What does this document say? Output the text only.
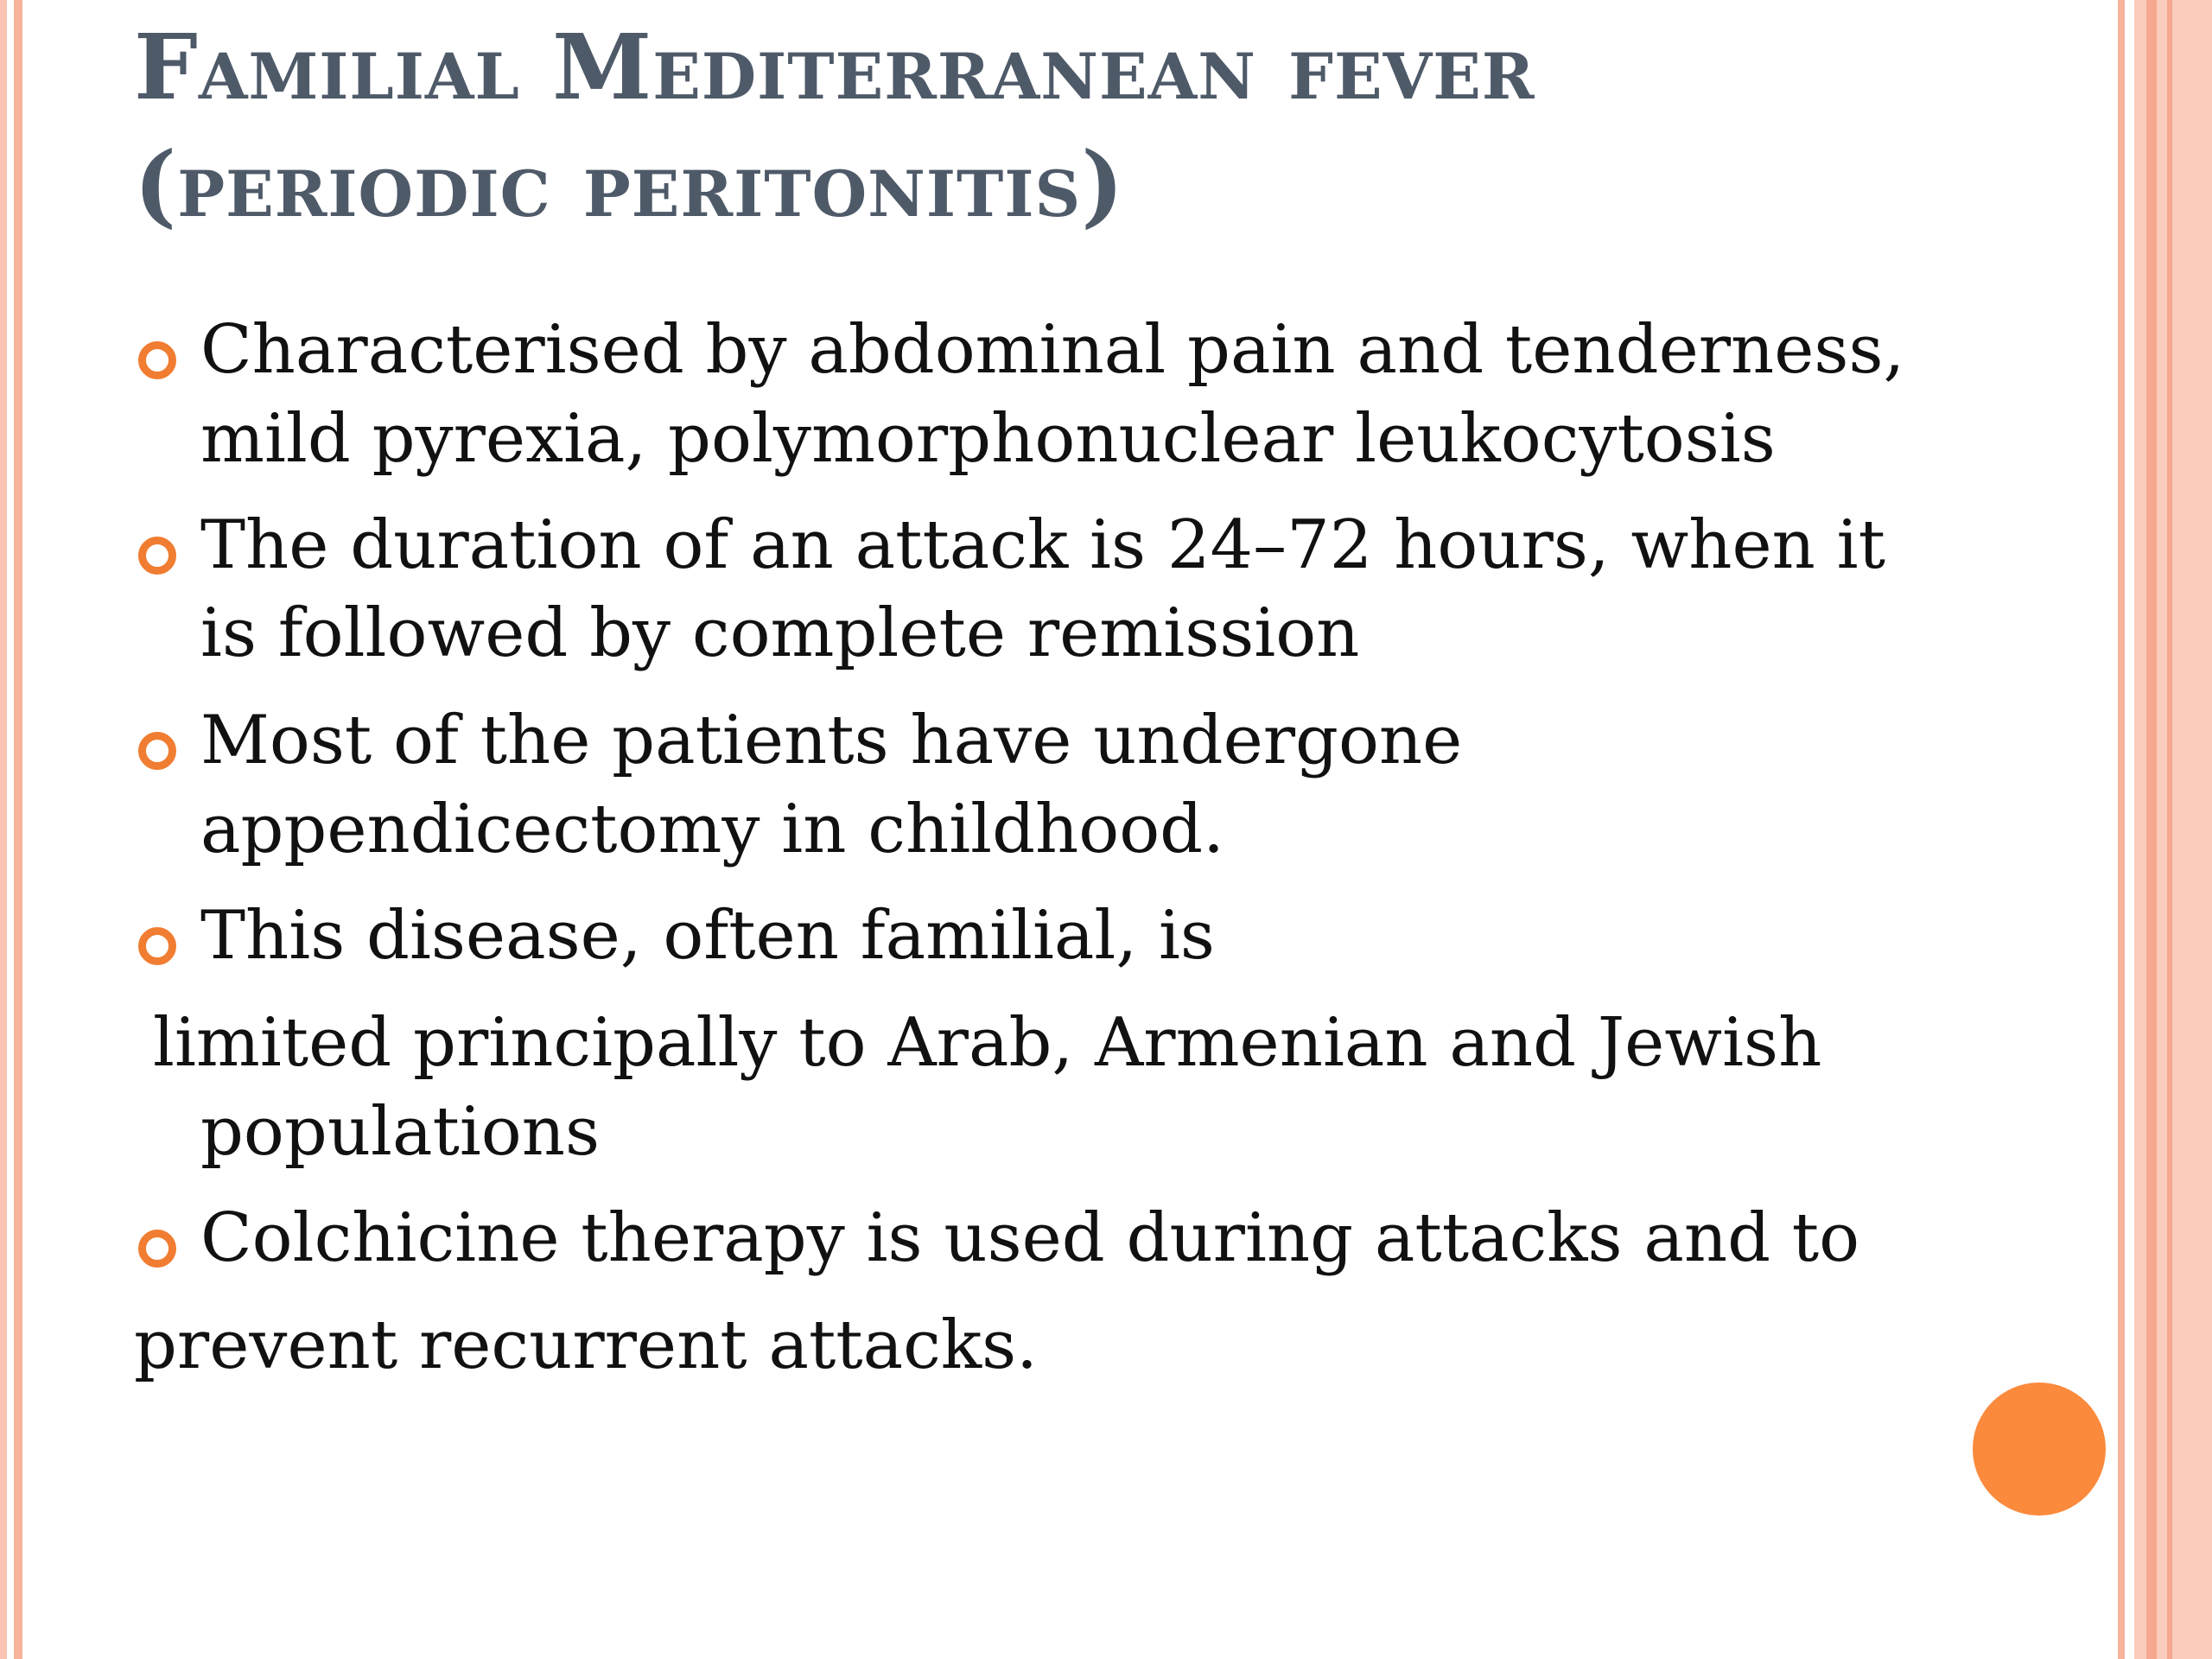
Familial Mediterranean fever
(periodic peritonitis)
Characterised by abdominal pain and tenderness,
mild pyrexia, polymorphonuclear leukocytosis
The duration of an attack is 24–72 hours, when it
is followed by complete remission
Most of the patients have undergone
appendicectomy in childhood.
This disease, often familial, is
limited principally to Arab, Armenian and Jewish
populations
Colchicine therapy is used during attacks and to
prevent recurrent attacks.
